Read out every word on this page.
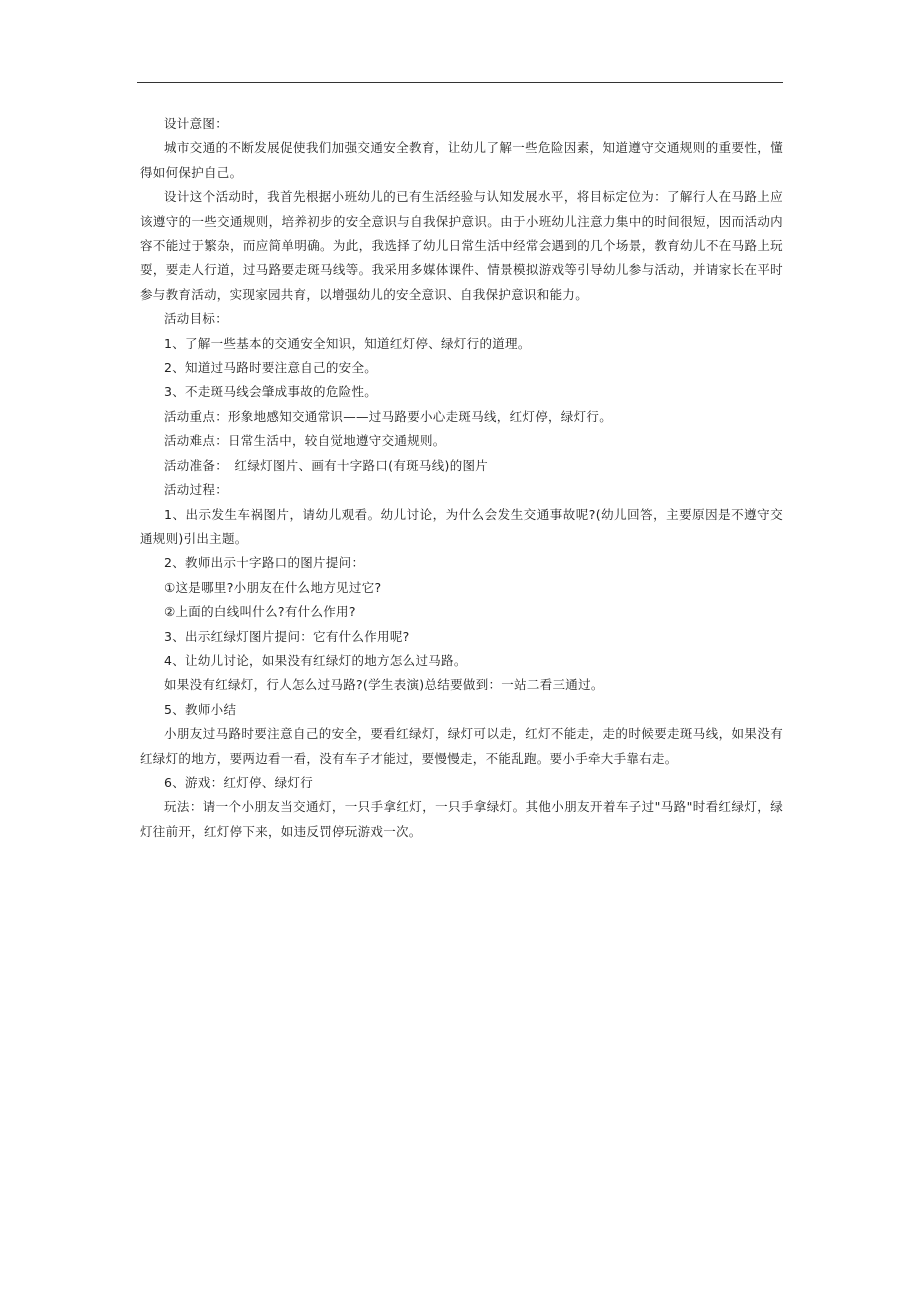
设计意图：

城市交通的不断发展促使我们加强交通安全教育，让幼儿了解一些危险因素，知道遵守交通规则的重要性，懂得如何保护自己。

设计这个活动时，我首先根据小班幼儿的已有生活经验与认知发展水平，将目标定位为：了解行人在马路上应该遵守的一些交通规则，培养初步的安全意识与自我保护意识。由于小班幼儿注意力集中的时间很短，因而活动内容不能过于繁杂，而应简单明确。为此，我选择了幼儿日常生活中经常会遇到的几个场景，教育幼儿不在马路上玩耍，要走人行道，过马路要走斑马线等。我采用多媒体课件、情景模拟游戏等引导幼儿参与活动，并请家长在平时参与教育活动，实现家园共育，以增强幼儿的安全意识、自我保护意识和能力。

活动目标：

1、了解一些基本的交通安全知识，知道红灯停、绿灯行的道理。

2、知道过马路时要注意自己的安全。

3、不走斑马线会肇成事故的危险性。

活动重点：形象地感知交通常识——过马路要小心走斑马线，红灯停，绿灯行。

活动难点：日常生活中，较自觉地遵守交通规则。

活动准备：　红绿灯图片、画有十字路口(有斑马线)的图片

活动过程：

1、出示发生车祸图片，请幼儿观看。幼儿讨论，为什么会发生交通事故呢?(幼儿回答，主要原因是不遵守交通规则)引出主题。

2、教师出示十字路口的图片提问：

①这是哪里?小朋友在什么地方见过它?

②上面的白线叫什么?有什么作用?

3、出示红绿灯图片提问：它有什么作用呢?

4、让幼儿讨论，如果没有红绿灯的地方怎么过马路。

如果没有红绿灯，行人怎么过马路?(学生表演)总结要做到：一站二看三通过。

5、教师小结

小朋友过马路时要注意自己的安全，要看红绿灯，绿灯可以走，红灯不能走，走的时候要走斑马线，如果没有红绿灯的地方，要两边看一看，没有车子才能过，要慢慢走，不能乱跑。要小手牵大手靠右走。

6、游戏：红灯停、绿灯行

玩法：请一个小朋友当交通灯，一只手拿红灯，一只手拿绿灯。其他小朋友开着车子过"马路"时看红绿灯，绿灯往前开，红灯停下来，如违反罚停玩游戏一次。
